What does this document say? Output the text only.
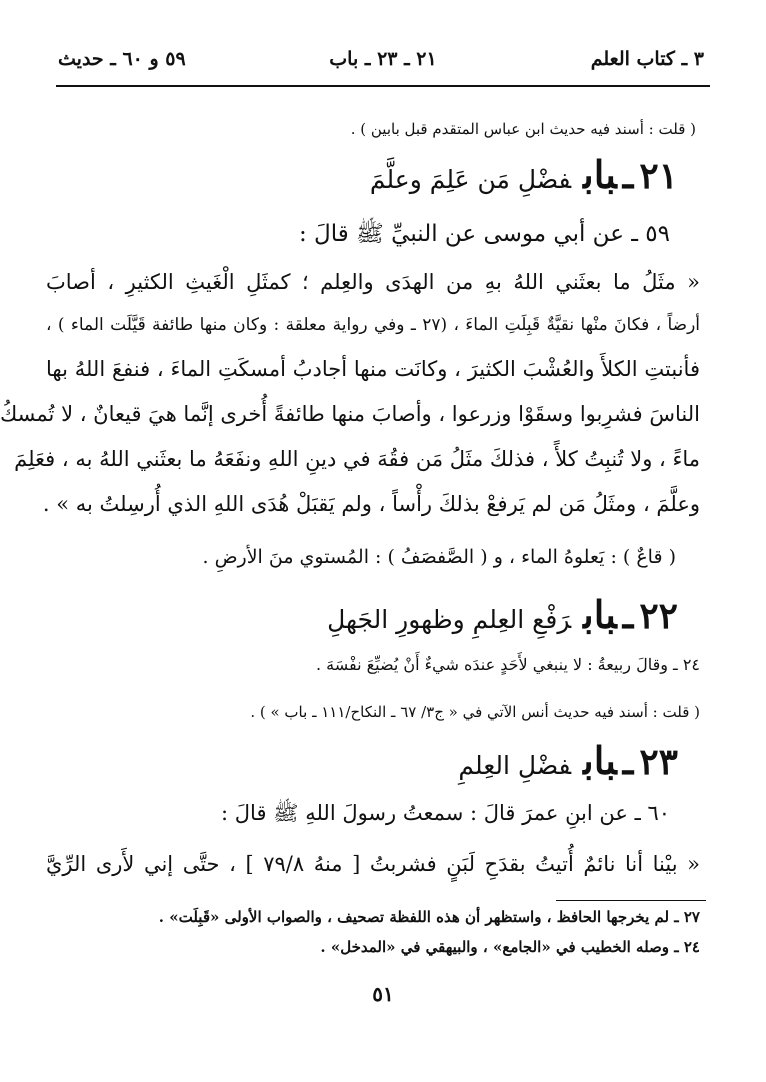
٣ ـ كتاب العلم
٢١ ـ ٢٣ ـ باب
٥٩ و ٦٠ ـ حديث
( قلت : أسند فيه حديث ابن عباس المتقدم قبل بابين ) .
٢١ـبابفضْلِ مَن عَلِمَ وعلَّمَ
٥٩ ـ عن أبي موسى عن النبيِّ ﷺ قالَ :
« مثَلُ ما بعثَني اللهُ بهِ من الهدَى والعِلم ؛ كمثَلِ الْغَيثِ الكثيرِ ، أصابَ
أرضاً ، فكانَ منْها نقيَّةٌ قَبِلَتِ الماءَ ، (٢٧ ـ وفي رواية معلقة : وكان منها طائفة قَيَّلَت الماء ) ،
فأنبتتِ الكلأَ والعُشْبَ الكثيرَ ، وكانَت منها أجادبُ أمسكَتِ الماءَ ، فنفعَ اللهُ بها
الناسَ فشرِبوا وسقَوْا وزرعوا ، وأصابَ منها طائفةً أُخرى إنَّما هيَ قيعانٌ ، لا تُمسكُ
ماءً ، ولا تُنبِتُ كلأً ، فذلكَ مثَلُ مَن فقُهَ في دينِ اللهِ ونفَعَهُ ما بعثَني اللهُ به ، فعَلِمَ
وعلَّمَ ، ومثَلُ مَن لم يَرفعْ بذلكَ رأْساً ، ولم يَقبَلْ هُدَى اللهِ الذي أُرسِلتُ به » .
( قاعٌ ) : يَعلوهُ الماء ، و ( الصَّفصَفُ ) : المُستوي منَ الأرضِ .
٢٢ـبابرَفْعِ العِلمِ وظهورِ الجَهلِ
٢٤ ـ وقالَ ربيعةُ : لا ينبغي لأَحَدٍ عندَه شيءٌ أَنْ يُضيِّعَ نفْسَهَ .
( قلت : أسند فيه حديث أنس الآتي في « ج٣/ ٦٧ ـ النكاح/١١١ ـ باب » ) .
٢٣ـبابفضْلِ العِلمِ
٦٠ ـ عن ابنِ عمرَ قالَ : سمعتُ رسولَ اللهِ ﷺ قالَ :
« بيْنا أنا نائمٌ أُتيتُ بقدَحِ لَبَنٍ فشربتُ [ منهُ ٧٩/٨ ] ، حتَّى إني لأَرى الرِّيَّ
٢٧ ـ لم يخرجها الحافظ ، واستظهر أن هذه اللفظة تصحيف ، والصواب الأولى «قَبِلَت» .
٢٤ ـ وصله الخطيب في «الجامع» ، والبيهقي في «المدخل» .
٥١
